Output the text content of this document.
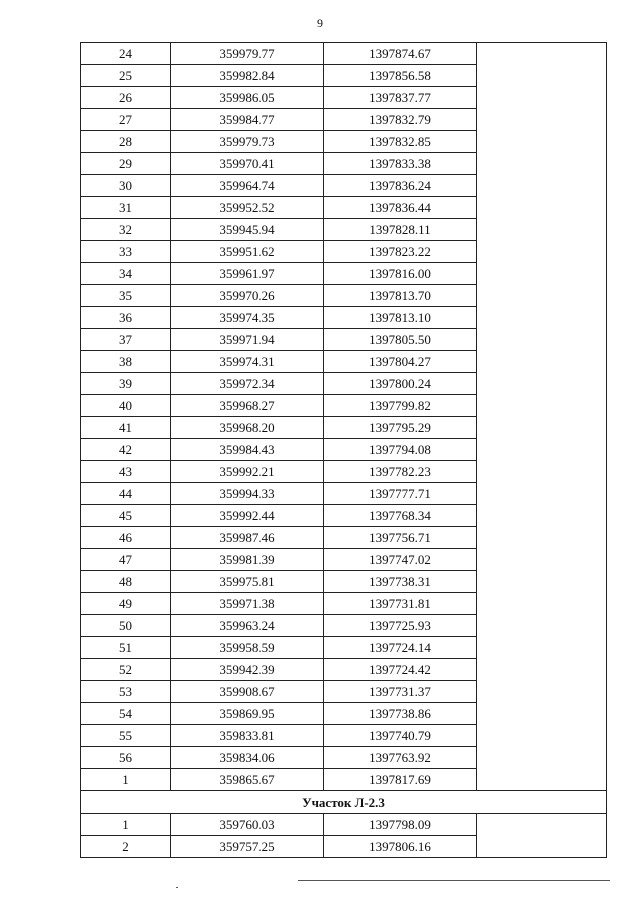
9
24	359979.77	1397874.67	
25	359982.84	1397856.58	
26	359986.05	1397837.77	
27	359984.77	1397832.79	
28	359979.73	1397832.85	
29	359970.41	1397833.38	
30	359964.74	1397836.24	
31	359952.52	1397836.44	
32	359945.94	1397828.11	
33	359951.62	1397823.22	
34	359961.97	1397816.00	
35	359970.26	1397813.70	
36	359974.35	1397813.10	
37	359971.94	1397805.50	
38	359974.31	1397804.27	
39	359972.34	1397800.24	
40	359968.27	1397799.82	
41	359968.20	1397795.29	
42	359984.43	1397794.08	
43	359992.21	1397782.23	
44	359994.33	1397777.71	
45	359992.44	1397768.34	
46	359987.46	1397756.71	
47	359981.39	1397747.02	
48	359975.81	1397738.31	
49	359971.38	1397731.81	
50	359963.24	1397725.93	
51	359958.59	1397724.14	
52	359942.39	1397724.42	
53	359908.67	1397731.37	
54	359869.95	1397738.86	
55	359833.81	1397740.79	
56	359834.06	1397763.92	
1	359865.67	1397817.69	
Участок Л-2.3			
1	359760.03	1397798.09	
2	359757.25	1397806.16	
